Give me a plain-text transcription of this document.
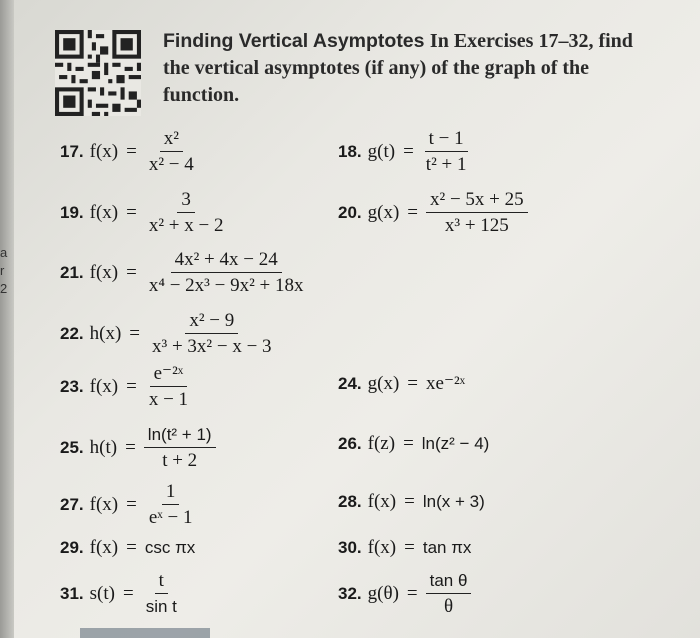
a
r
2
Finding Vertical Asymptotes In Exercises 17–32, find the vertical asymptotes (if any) of the graph of the function.
17. $f(x) = \frac{\text{x²}}{\text{x² − 4}}$	18. $g(t) = \frac{t - 1}{\text{t² + 1}}$
19. $f(x) = \frac{3}{\text{x² + x − 2}}$	20. $g(x) = \frac{\text{x² − 5x + 25}}{\text{x³ + 125}}$
21. $f(x) = \frac{\text{4x² + 4x − 24}}{\text{x⁴ − 2x³ − 9x² + 18x}}$
22. $h(x) = \frac{\text{x² − 9}}{\text{x³ + 3x² − x − 3}}$
23. $f(x) = \frac{\text{e⁻²ˣ}}{x - 1}$	24. g(x) = xe⁻²ˣ
25. $h(t) = \frac{\text{ln(t² + 1)}}{t + 2}$	26. f(z) = ln(z² − 4)
27. $f(x) = \frac{1}{\text{eˣ − 1}}$	28. f(x) = ln(x + 3)
29. f(x) = csc πx	30. f(x) = tan πx
31. $s(t) = \frac{t}{\text{sin t}}$	32. $g(\theta) = \frac{\text{tan θ}}{\theta}$
